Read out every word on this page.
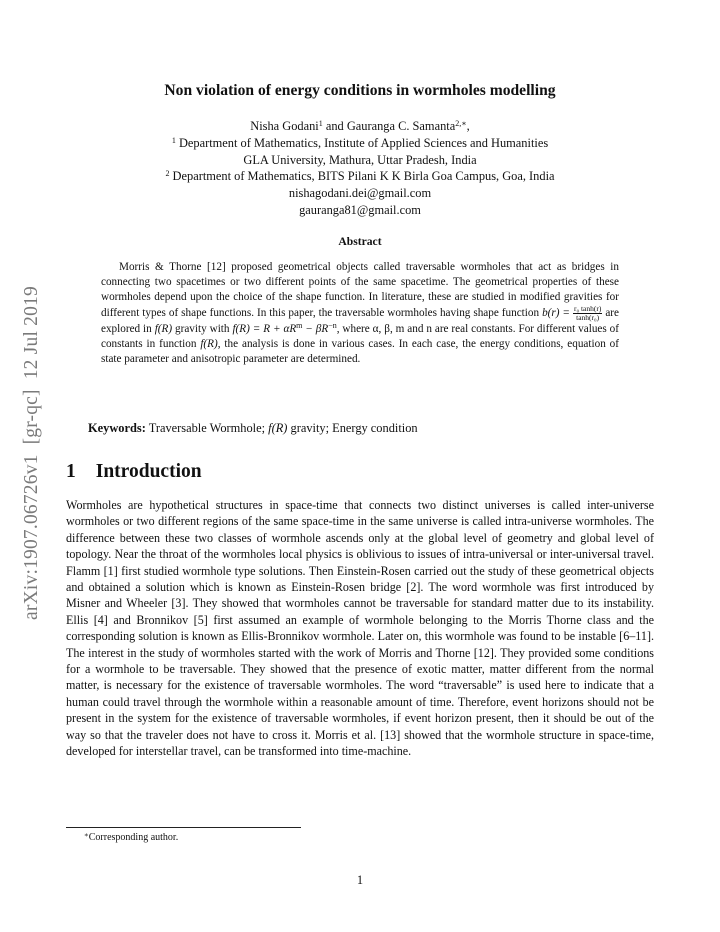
arXiv:1907.06726v1[gr-qc]12 Jul 2019
Non violation of energy conditions in wormholes modelling
Nisha Godani$^1$ and Gauranga C. Samanta$^{2,∗}$,
$^1$ Department of Mathematics, Institute of Applied Sciences and Humanities
GLA University, Mathura, Uttar Pradesh, India
$^2$ Department of Mathematics, BITS Pilani K K Birla Goa Campus, Goa, India
nishagodani.dei@gmail.com
gauranga81@gmail.com
Abstract
Morris & Thorne [12] proposed geometrical objects called traversable wormholes that act as bridges in connecting two spacetimes or two different points of the same spacetime. The geometrical properties of these wormholes depend upon the choice of the shape function. In literature, these are studied in modified gravities for different types of shape functions. In this paper, the traversable wormholes having shape function $b(r) = \frac{\text{r₀ tanh(r)}}{\text{tanh(r₀)}}$ are explored in f(R) gravity with $f(R) = R + \alpha R^m - \beta R^{-n}$, where α, β, m and n are real constants. For different values of constants in function f(R), the analysis is done in various cases. In each case, the energy conditions, equation of state parameter and anisotropic parameter are determined.
Keywords: Traversable Wormhole; f(R) gravity; Energy condition
1 Introduction
Wormholes are hypothetical structures in space-time that connects two distinct universes is called inter-universe wormholes or two different regions of the same space-time in the same universe is called intra-universe wormholes. The difference between these two classes of wormhole ascends only at the global level of geometry and global level of topology. Near the throat of the wormholes local physics is oblivious to issues of intra-universal or inter-universal travel. Flamm [1] first studied wormhole type solutions. Then Einstein-Rosen carried out the study of these geometrical objects and obtained a solution which is known as Einstein-Rosen bridge [2]. The word wormhole was first introduced by Misner and Wheeler [3]. They showed that wormholes cannot be traversable for standard matter due to its instability. Ellis [4] and Bronnikov [5] first assumed an example of wormhole belonging to the Morris Thorne class and the corresponding solution is known as Ellis-Bronnikov wormhole. Later on, this wormhole was found to be instable [6–11]. The interest in the study of wormholes started with the work of Morris and Thorne [12]. They provided some conditions for a wormhole to be traversable. They showed that the presence of exotic matter, matter different from the normal matter, is necessary for the existence of traversable wormholes. The word “traversable” is used here to indicate that a human could travel through the wormhole within a reasonable amount of time. Therefore, event horizons should not be present in the system for the existence of traversable wormholes, if event horizon present, then it should be out of the way so that the traveler does not have to cross it. Morris et al. [13] showed that the wormhole structure in space-time, developed for interstellar travel, can be transformed into time-machine.
∗Corresponding author.
1
